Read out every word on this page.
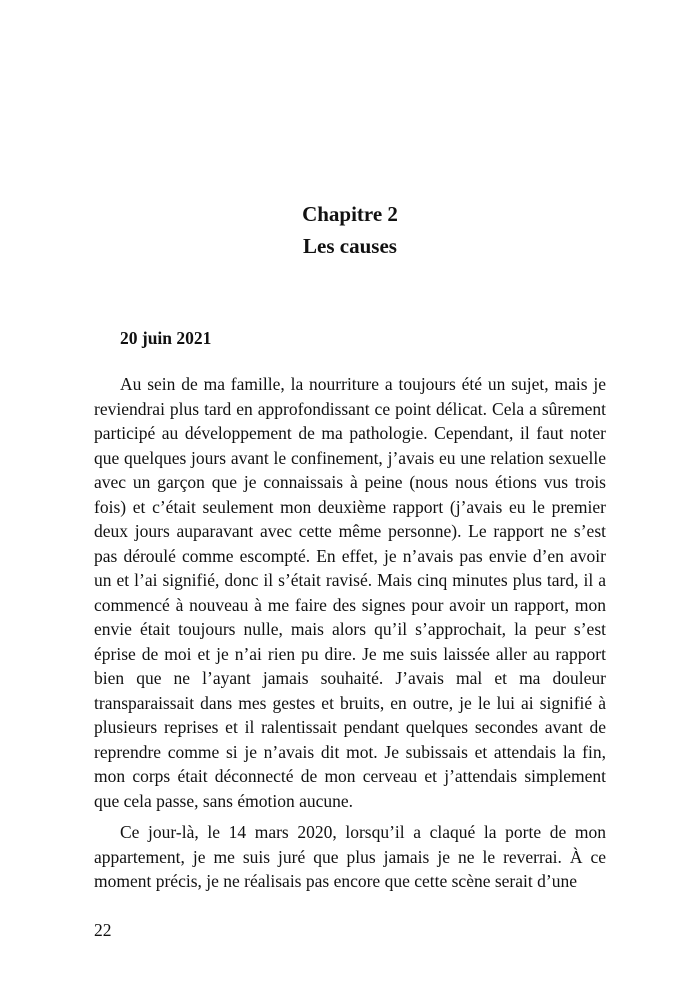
Chapitre 2
Les causes
20 juin 2021

Au sein de ma famille, la nourriture a toujours été un sujet, mais je reviendrai plus tard en approfondissant ce point délicat. Cela a sûrement participé au développement de ma pathologie. Cependant, il faut noter que quelques jours avant le confinement, j’avais eu une relation sexuelle avec un garçon que je connaissais à peine (nous nous étions vus trois fois) et c’était seulement mon deuxième rapport (j’avais eu le premier deux jours auparavant avec cette même personne). Le rapport ne s’est pas déroulé comme escompté. En effet, je n’avais pas envie d’en avoir un et l’ai signifié, donc il s’était ravisé. Mais cinq minutes plus tard, il a commencé à nouveau à me faire des signes pour avoir un rapport, mon envie était toujours nulle, mais alors qu’il s’approchait, la peur s’est éprise de moi et je n’ai rien pu dire. Je me suis laissée aller au rapport bien que ne l’ayant jamais souhaité. J’avais mal et ma douleur transparaissait dans mes gestes et bruits, en outre, je le lui ai signifié à plusieurs reprises et il ralentissait pendant quelques secondes avant de reprendre comme si je n’avais dit mot. Je subissais et attendais la fin, mon corps était déconnecté de mon cerveau et j’attendais simplement que cela passe, sans émotion aucune.

Ce jour-là, le 14 mars 2020, lorsqu’il a claqué la porte de mon appartement, je me suis juré que plus jamais je ne le reverrai. À ce moment précis, je ne réalisais pas encore que cette scène serait d’une

22
